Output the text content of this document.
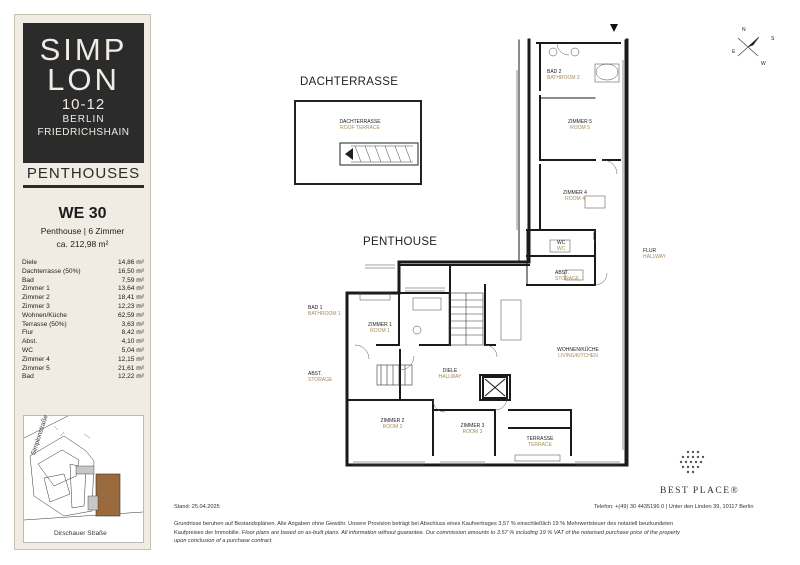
SIMP
LON
10-12
BERLIN
FRIEDRICHSHAIN
PENTHOUSES
WE 30
Penthouse | 6 Zimmer
ca. 212,98 m²
Diele	14,86 m²
Dachterrasse (50%)	16,50 m²
Bad	7,59 m²
Zimmer 1	13,64 m²
Zimmer 2	18,41 m²
Zimmer 3	12,23 m²
Wohnen/Küche	62,59 m²
Terrasse (50%)	3,63 m²
Flur	8,42 m²
Abst.	4,10 m²
WC	5,04 m²
Zimmer 4	12,15 m²
Zimmer 5	21,61 m²
Bad	12,22 m²
Simplonstraße
Dirschauer Straße
DACHTERRASSE
PENTHOUSE
DACHTERRASSE
ROOF TERRACE
BAD 2
BATHROOM 2
ZIMMER 5
ROOM 5
ZIMMER 4
ROOM 4
WC
WC
ABST.
STORAGE
FLUR
HALLWAY
BAD 1
BATHROOM 1
ZIMMER 1
ROOM 1
WOHNEN/KÜCHE
LIVING/KITCHEN
ABST.
STORAGE
DIELE
HALLWAY
ZIMMER 2
ROOM 2	ZIMMER 3
ROOM 3
TERRASSE
TERRACE
N
S
E
W
BEST PLACE®
Stand: 25.04.2025	Telefon: +(49) 30 4435196 0 | Unter den Linden 39, 10117 Berlin
Grundrisse beruhen auf Bestandsplänen. Alle Angaben ohne Gewähr. Unsere Provision beträgt bei Abschluss eines Kaufvertrages 3,57 % einschließlich 19 % Mehrwertsteuer des notariell beurkundeten
Kaufpreises der Immobilie. Floor plans are based on as-built plans. All information without guarantee. Our commission amounts to 3.57 % including 19 % VAT of the notarised purchase price of the property
upon conclusion of a purchase contract.
